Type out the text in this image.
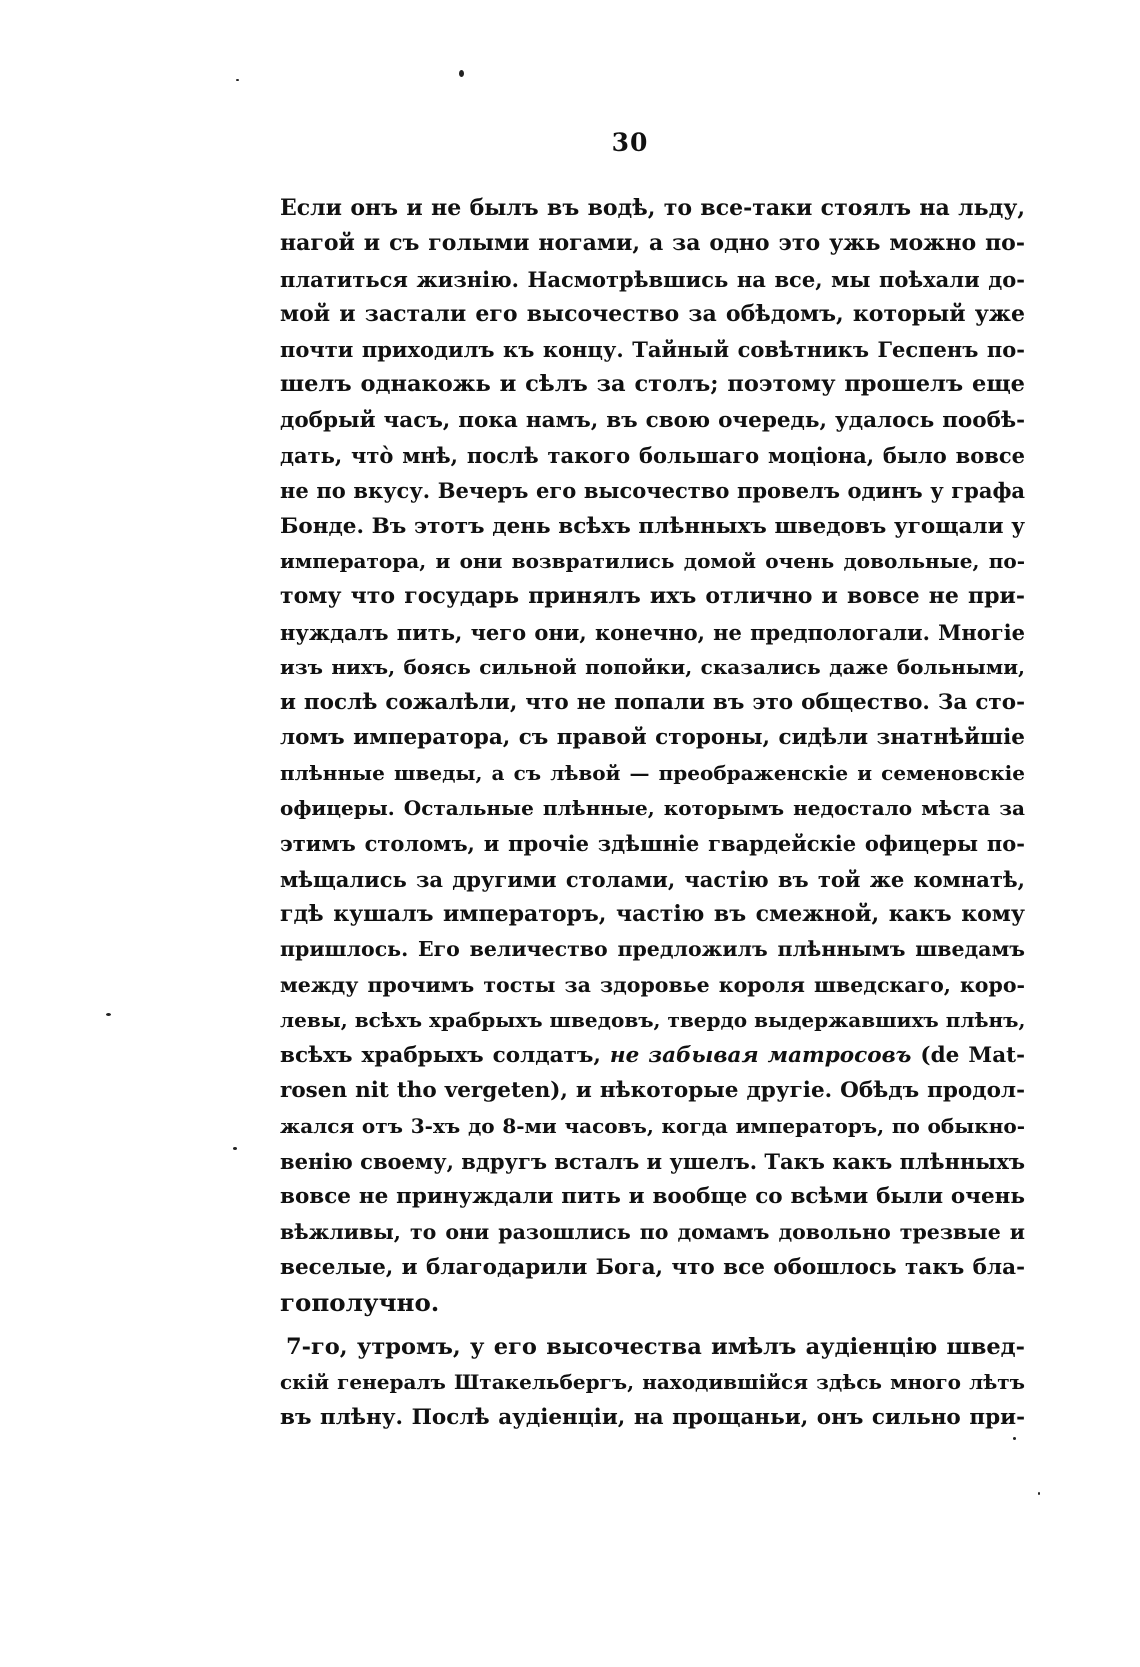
30
Если онъ и не былъ въ водѣ, то все-таки стоялъ на льду,
нагой и съ голыми ногами, а за одно это ужь можно по-
платиться жизнію. Насмотрѣвшись на все, мы поѣхали до-
мой и застали его высочество за обѣдомъ, который уже
почти приходилъ къ концу. Тайный совѣтникъ Геспенъ по-
шелъ однакожь и сѣлъ за столъ; поэтому прошелъ еще
добрый часъ, пока намъ, въ свою очередь, удалось пообѣ-
дать, что̀ мнѣ, послѣ такого большаго моціона, было вовсе
не по вкусу. Вечеръ его высочество провелъ одинъ у графа
Бонде. Въ этотъ день всѣхъ плѣнныхъ шведовъ угощали у
императора, и они возвратились домой очень довольные, по-
тому что государь принялъ ихъ отлично и вовсе не при-
нуждалъ пить, чего они, конечно, не предпологали. Многіе
изъ нихъ, боясь сильной попойки, сказались даже больными,
и послѣ сожалѣли, что не попали въ это общество. За сто-
ломъ императора, съ правой стороны, сидѣли знатнѣйшіе
плѣнные шведы, а съ лѣвой — преображенскіе и семеновскіе
офицеры. Остальные плѣнные, которымъ недостало мѣста за
этимъ столомъ, и прочіе здѣшніе гвардейскіе офицеры по-
мѣщались за другими столами, частію въ той же комнатѣ,
гдѣ кушалъ императоръ, частію въ смежной, какъ кому
пришлось. Его величество предложилъ плѣннымъ шведамъ
между прочимъ тосты за здоровье короля шведскаго, коро-
левы, всѣхъ храбрыхъ шведовъ, твердо выдержавшихъ плѣнъ,
всѣхъ храбрыхъ солдатъ, не забывая матросовъ (de Mat-
rosen nit tho vergeten), и нѣкоторые другіе. Обѣдъ продол-
жался отъ 3-хъ до 8-ми часовъ, когда императоръ, по обыкно-
венію своему, вдругъ всталъ и ушелъ. Такъ какъ плѣнныхъ
вовсе не принуждали пить и вообще со всѣми были очень
вѣжливы, то они разошлись по домамъ довольно трезвые и
веселые, и благодарили Бога, что все обошлось такъ бла-
гополучно.
7-го, утромъ, у его высочества имѣлъ аудіенцію швед-
скій генералъ Штакельбергъ, находившійся здѣсь много лѣтъ
въ плѣну. Послѣ аудіенціи, на прощаньи, онъ сильно при-
